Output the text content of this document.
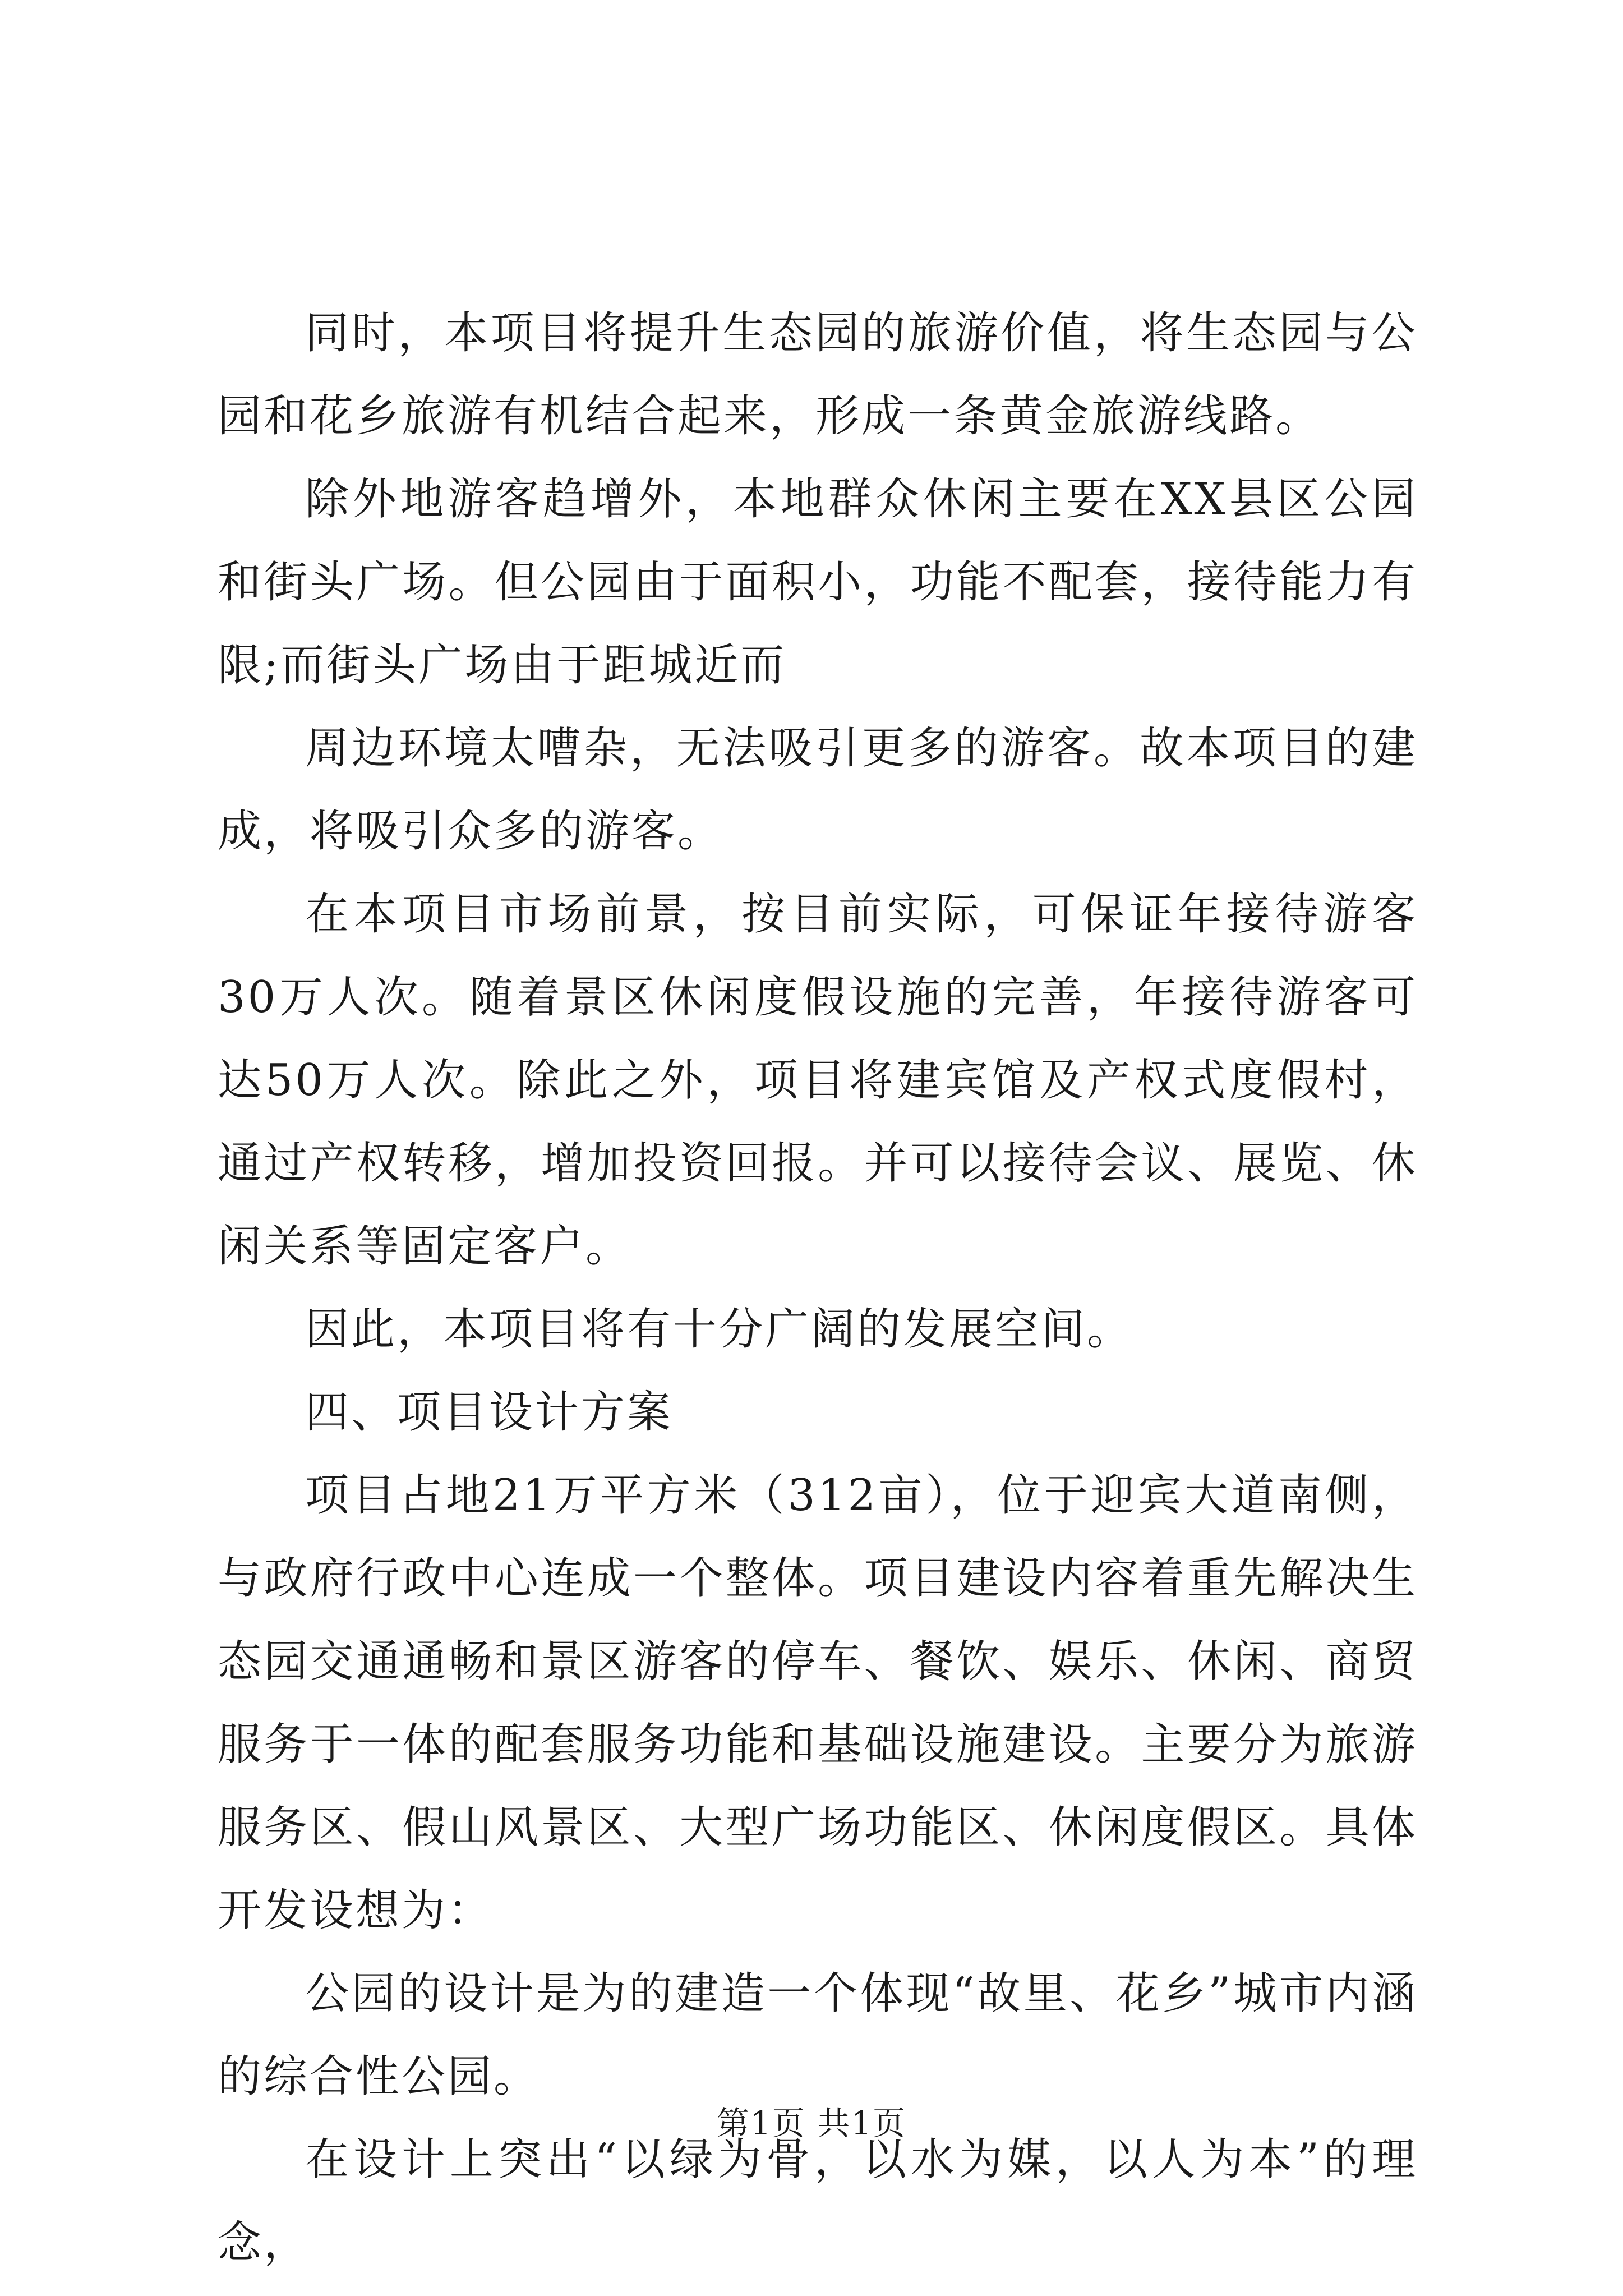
同时，本项目将提升生态园的旅游价值，将生态园与公园和花乡旅游有机结合起来，形成一条黄金旅游线路。

除外地游客趋增外，本地群众休闲主要在XX县区公园和街头广场。但公园由于面积小，功能不配套，接待能力有限;而街头广场由于距城近而

周边环境太嘈杂，无法吸引更多的游客。故本项目的建成，将吸引众多的游客。

在本项目市场前景，按目前实际，可保证年接待游客30万人次。随着景区休闲度假设施的完善，年接待游客可达50万人次。除此之外，项目将建宾馆及产权式度假村，通过产权转移，增加投资回报。并可以接待会议、展览、休闲关系等固定客户。

因此，本项目将有十分广阔的发展空间。

四、项目设计方案

项目占地21万平方米（312亩），位于迎宾大道南侧，与政府行政中心连成一个整体。项目建设内容着重先解决生态园交通通畅和景区游客的停车、餐饮、娱乐、休闲、商贸服务于一体的配套服务功能和基础设施建设。主要分为旅游服务区、假山风景区、大型广场功能区、休闲度假区。具体开发设想为：

公园的设计是为的建造一个体现“故里、花乡”城市内涵的综合性公园。

在设计上突出“以绿为骨，以水为媒，以人为本”的理念，

第1页 共1页
